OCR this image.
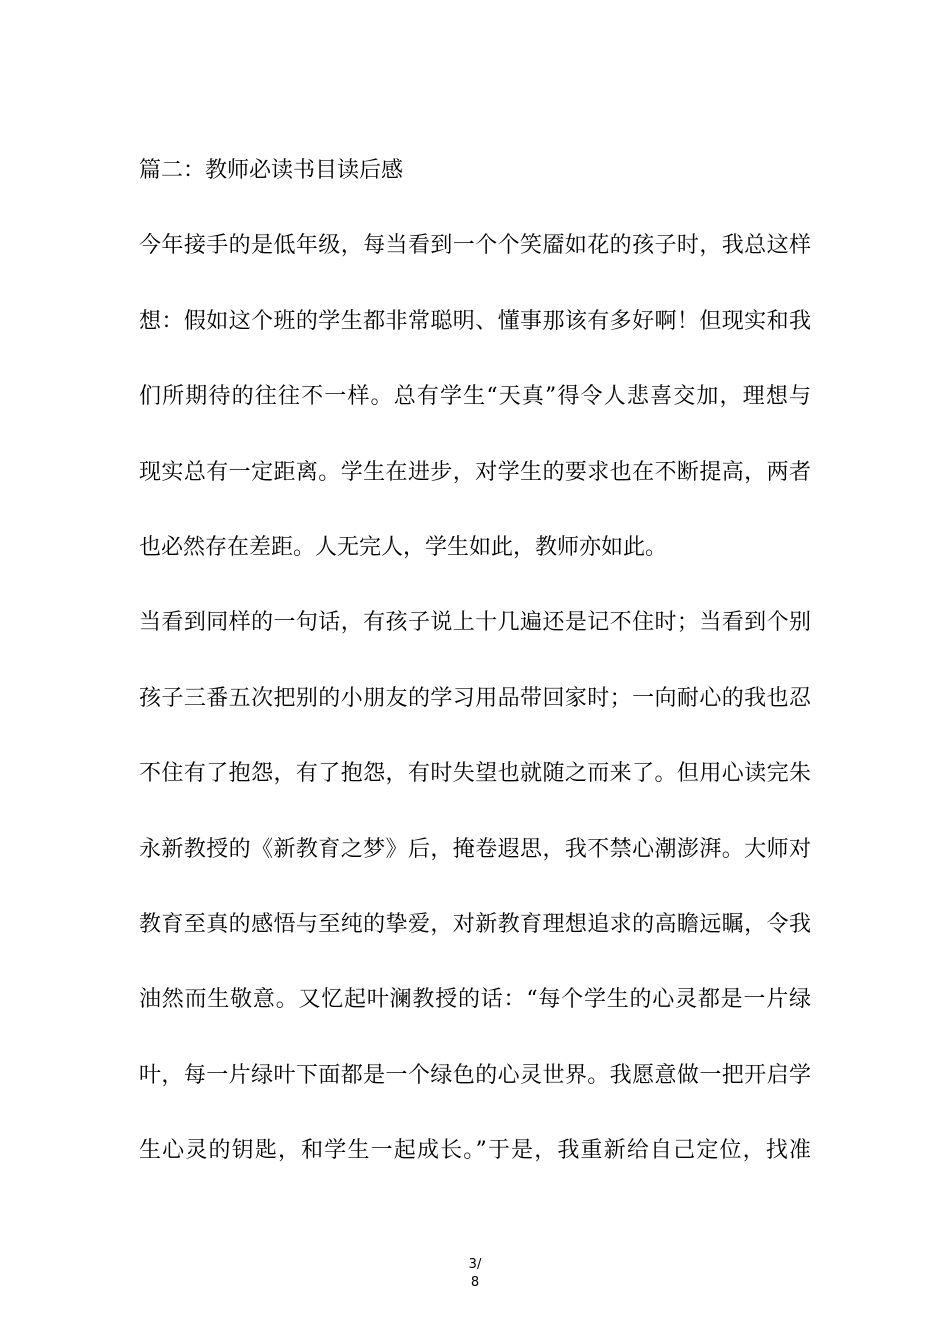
篇二：教师必读书目读后感
今年接手的是低年级，每当看到一个个笑靥如花的孩子时，我总这样
想：假如这个班的学生都非常聪明、懂事那该有多好啊！但现实和我
们所期待的往往不一样。总有学生“天真”得令人悲喜交加，理想与
现实总有一定距离。学生在进步，对学生的要求也在不断提高，两者
也必然存在差距。人无完人，学生如此，教师亦如此。
当看到同样的一句话，有孩子说上十几遍还是记不住时；当看到个别
孩子三番五次把别的小朋友的学习用品带回家时；一向耐心的我也忍
不住有了抱怨，有了抱怨，有时失望也就随之而来了。但用心读完朱
永新教授的《新教育之梦》后，掩卷遐思，我不禁心潮澎湃。大师对
教育至真的感悟与至纯的挚爱，对新教育理想追求的高瞻远瞩，令我
油然而生敬意。又忆起叶澜教授的话：“每个学生的心灵都是一片绿
叶，每一片绿叶下面都是一个绿色的心灵世界。我愿意做一把开启学
生心灵的钥匙，和学生一起成长。”于是，我重新给自己定位，找准
3/
8
